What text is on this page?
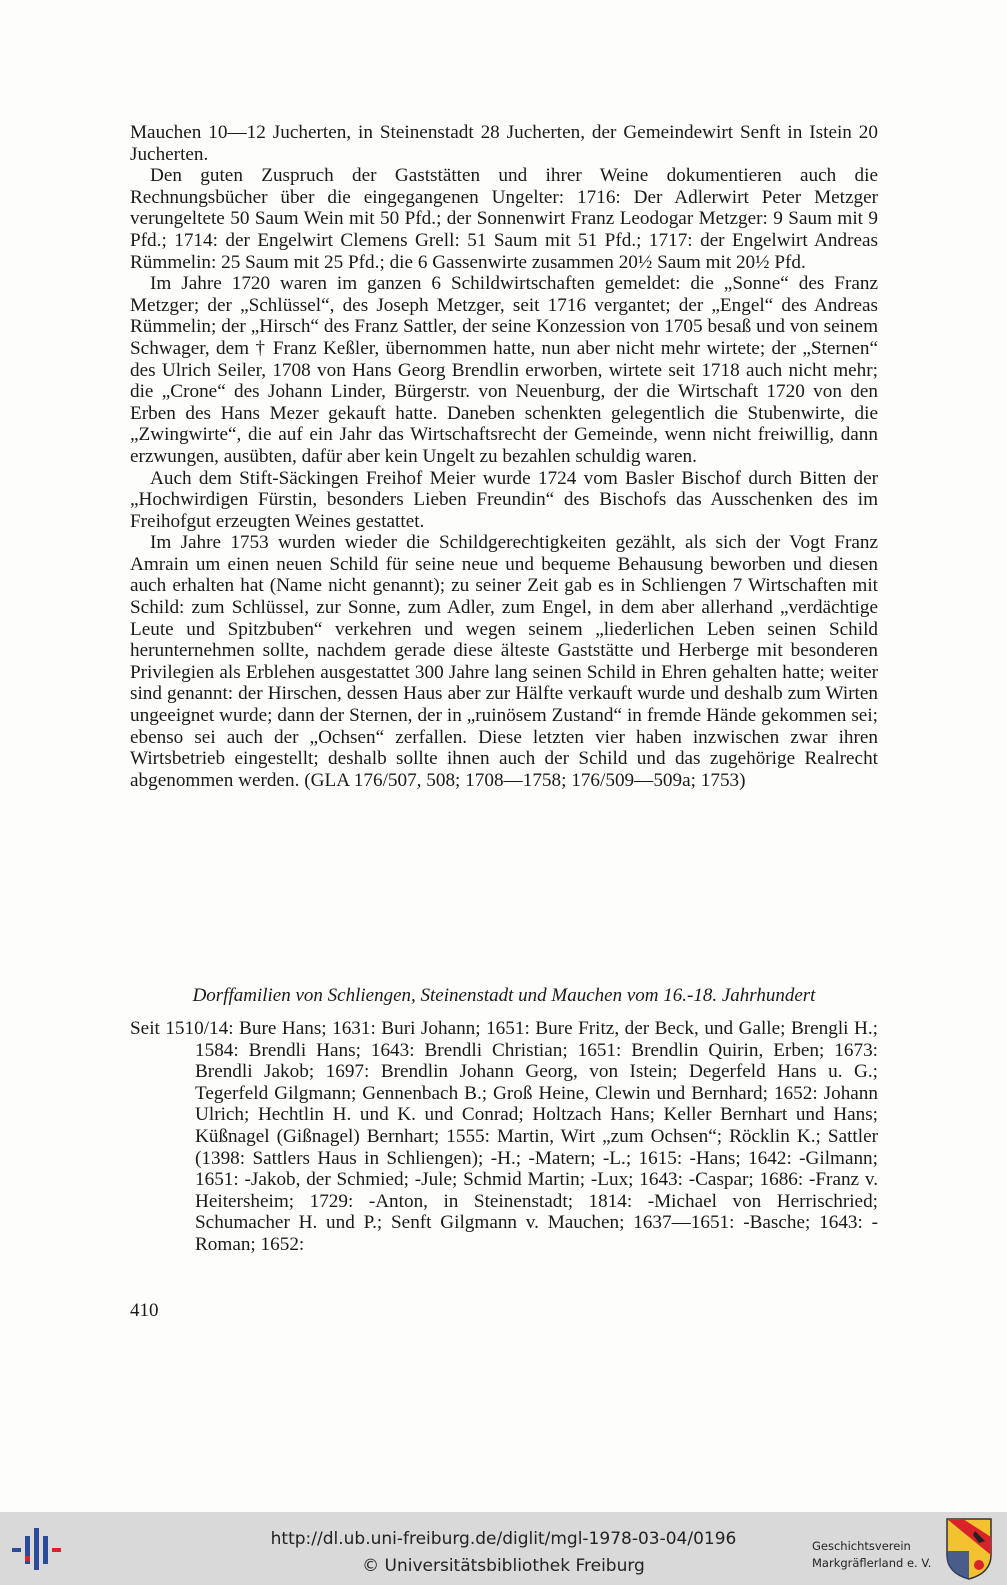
Mauchen 10—12 Jucherten, in Steinenstadt 28 Jucherten, der Gemeindewirt Senft in Istein 20 Jucherten.

Den guten Zuspruch der Gaststätten und ihrer Weine dokumentieren auch die Rechnungsbücher über die eingegangenen Ungelter: 1716: Der Adlerwirt Peter Metzger verungeltete 50 Saum Wein mit 50 Pfd.; der Sonnenwirt Franz Leodogar Metzger: 9 Saum mit 9 Pfd.; 1714: der Engelwirt Clemens Grell: 51 Saum mit 51 Pfd.; 1717: der Engelwirt Andreas Rümmelin: 25 Saum mit 25 Pfd.; die 6 Gassenwirte zusammen 20½ Saum mit 20½ Pfd.

Im Jahre 1720 waren im ganzen 6 Schildwirtschaften gemeldet: die „Sonne“ des Franz Metzger; der „Schlüssel“, des Joseph Metzger, seit 1716 vergantet; der „Engel“ des Andreas Rümmelin; der „Hirsch“ des Franz Sattler, der seine Konzession von 1705 besaß und von seinem Schwager, dem † Franz Keßler, übernommen hatte, nun aber nicht mehr wirtete; der „Sternen“ des Ulrich Seiler, 1708 von Hans Georg Brendlin erworben, wirtete seit 1718 auch nicht mehr; die „Crone“ des Johann Linder, Bürgerstr. von Neuenburg, der die Wirtschaft 1720 von den Erben des Hans Mezer gekauft hatte. Daneben schenkten gelegentlich die Stubenwirte, die „Zwingwirte“, die auf ein Jahr das Wirtschaftsrecht der Gemeinde, wenn nicht freiwillig, dann erzwungen, ausübten, dafür aber kein Ungelt zu bezahlen schuldig waren.

Auch dem Stift-Säckingen Freihof Meier wurde 1724 vom Basler Bischof durch Bitten der „Hochwirdigen Fürstin, besonders Lieben Freundin“ des Bischofs das Ausschenken des im Freihofgut erzeugten Weines gestattet.

Im Jahre 1753 wurden wieder die Schildgerechtigkeiten gezählt, als sich der Vogt Franz Amrain um einen neuen Schild für seine neue und bequeme Behausung beworben und diesen auch erhalten hat (Name nicht genannt); zu seiner Zeit gab es in Schliengen 7 Wirtschaften mit Schild: zum Schlüssel, zur Sonne, zum Adler, zum Engel, in dem aber allerhand „verdächtige Leute und Spitzbuben“ verkehren und wegen seinem „liederlichen Leben seinen Schild herunternehmen sollte, nachdem gerade diese älteste Gaststätte und Herberge mit besonderen Privilegien als Erblehen ausgestattet 300 Jahre lang seinen Schild in Ehren gehalten hatte; weiter sind genannt: der Hirschen, dessen Haus aber zur Hälfte verkauft wurde und deshalb zum Wirten ungeeignet wurde; dann der Sternen, der in „ruinösem Zustand“ in fremde Hände gekommen sei; ebenso sei auch der „Ochsen“ zerfallen. Diese letzten vier haben inzwischen zwar ihren Wirtsbetrieb eingestellt; deshalb sollte ihnen auch der Schild und das zugehörige Realrecht abgenommen werden. (GLA 176/507, 508; 1708—1758; 176/509—509a; 1753)

Dorffamilien von Schliengen, Steinenstadt und Mauchen vom 16.-18. Jahrhundert

Seit 1510/14: Bure Hans; 1631: Buri Johann; 1651: Bure Fritz, der Beck, und Galle; Brengli H.; 1584: Brendli Hans; 1643: Brendli Christian; 1651: Brendlin Quirin, Erben; 1673: Brendli Jakob; 1697: Brendlin Johann Georg, von Istein; Degerfeld Hans u. G.; Tegerfeld Gilgmann; Gennenbach B.; Groß Heine, Clewin und Bernhard; 1652: Johann Ulrich; Hechtlin H. und K. und Conrad; Holtzach Hans; Keller Bernhart und Hans; Küßnagel (Gißnagel) Bernhart; 1555: Martin, Wirt „zum Ochsen“; Röcklin K.; Sattler (1398: Sattlers Haus in Schliengen); -H.; -Matern; -L.; 1615: -Hans; 1642: -Gilmann; 1651: -Jakob, der Schmied; -Jule; Schmid Martin; -Lux; 1643: -Caspar; 1686: -Franz v. Heitersheim; 1729: -Anton, in Steinenstadt; 1814: -Michael von Herrischried; Schumacher H. und P.; Senft Gilgmann v. Mauchen; 1637—1651: -Basche; 1643: -Roman; 1652:

410
http://dl.ub.uni-freiburg.de/diglit/mgl-1978-03-04/0196
© Universitätsbibliothek Freiburg
Geschichtsverein
Markgräflerland e. V.
